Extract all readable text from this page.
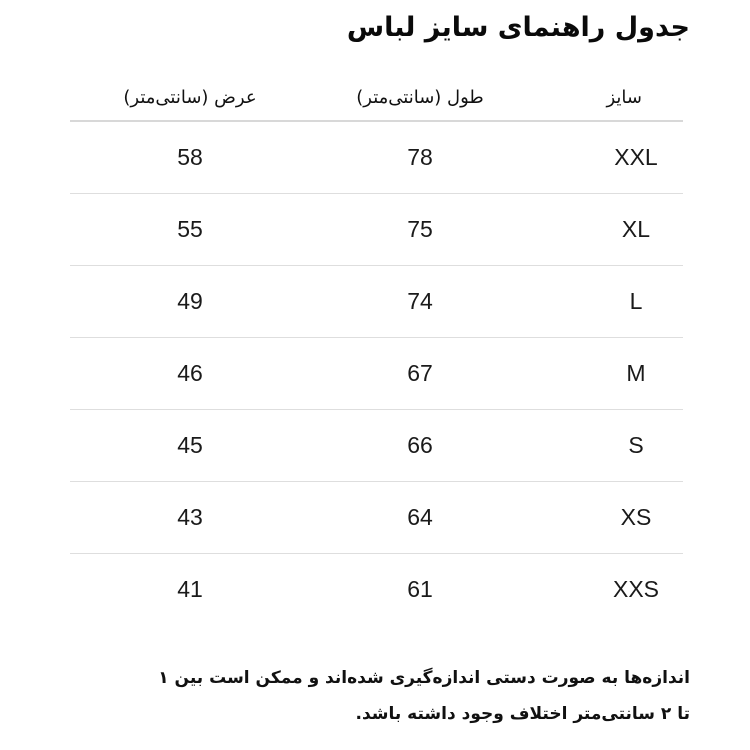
جدول راهنمای سایز لباس
سایز
طول (سانتی‌متر)
عرض (سانتی‌متر)
XXL
78
58
XL
75
55
L
74
49
M
67
46
S
66
45
XS
64
43
XXS
61
41
اندازه‌ها به صورت دستی اندازه‌گیری شده‌اند و ممکن است بین ۱
تا ۲ سانتی‌متر اختلاف وجود داشته باشد.
